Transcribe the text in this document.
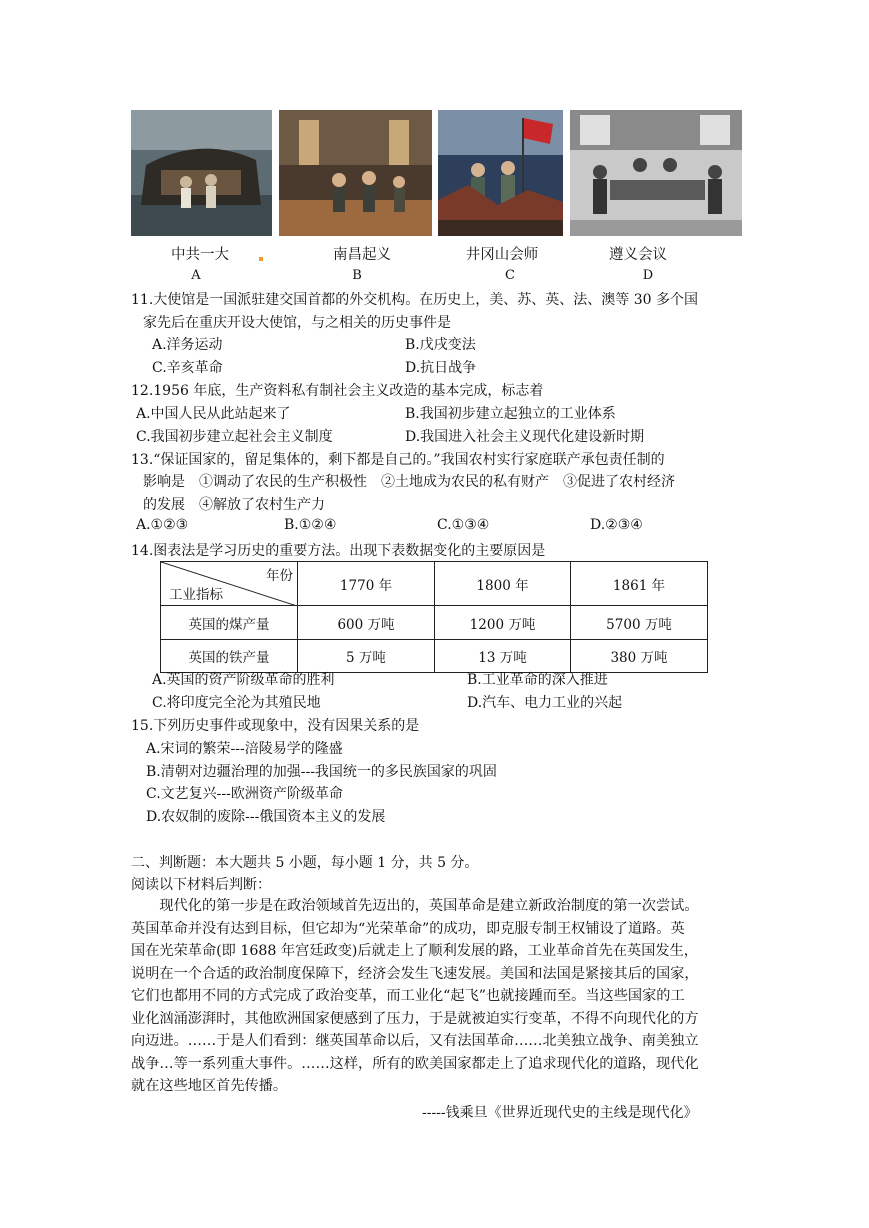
中共一大	南昌起义	井冈山会师	遵义会议
A	B	C	D
11.大使馆是一国派驻建交国首都的外交机构。在历史上，美、苏、英、法、澳等 30 多个国
家先后在重庆开设大使馆，与之相关的历史事件是
A.洋务运动	B.戊戌变法
C.辛亥革命	D.抗日战争
12.1956 年底，生产资料私有制社会主义改造的基本完成，标志着
A.中国人民从此站起来了	B.我国初步建立起独立的工业体系
C.我国初步建立起社会主义制度	D.我国进入社会主义现代化建设新时期
13.“保证国家的，留足集体的，剩下都是自己的。”我国农村实行家庭联产承包责任制的
影响是　①调动了农民的生产积极性　②土地成为农民的私有财产　③促进了农村经济
的发展　④解放了农村生产力
A.①②③	B.①②④	C.①③④	D.②③④
14.图表法是学习历史的重要方法。出现下表数据变化的主要原因是
年份
工业指标	1770 年	1800 年	1861 年
英国的煤产量	600 万吨	1200 万吨	5700 万吨
英国的铁产量	5 万吨	13 万吨	380 万吨
A.英国的资产阶级革命的胜利	B.工业革命的深入推进
C.将印度完全沦为其殖民地	D.汽车、电力工业的兴起
15.下列历史事件或现象中，没有因果关系的是
A.宋词的繁荣---涪陵易学的隆盛
B.清朝对边疆治理的加强---我国统一的多民族国家的巩固
C.文艺复兴---欧洲资产阶级革命
D.农奴制的废除---俄国资本主义的发展
二、判断题：本大题共 5 小题，每小题 1 分，共 5 分。
阅读以下材料后判断：
　　现代化的第一步是在政治领域首先迈出的，英国革命是建立新政治制度的第一次尝试。
英国革命并没有达到目标，但它却为“光荣革命”的成功，即克服专制王权铺设了道路。英
国在光荣革命(即 1688 年宫廷政变)后就走上了顺利发展的路，工业革命首先在英国发生，
说明在一个合适的政治制度保障下，经济会发生飞速发展。美国和法国是紧接其后的国家，
它们也都用不同的方式完成了政治变革，而工业化“起飞”也就接踵而至。当这些国家的工
业化汹涌澎湃时，其他欧洲国家便感到了压力，于是就被迫实行变革，不得不向现代化的方
向迈进。……于是人们看到：继英国革命以后，又有法国革命……北美独立战争、南美独立
战争…等一系列重大事件。……这样，所有的欧美国家都走上了追求现代化的道路，现代化
就在这些地区首先传播。
-----钱乘旦《世界近现代史的主线是现代化》
